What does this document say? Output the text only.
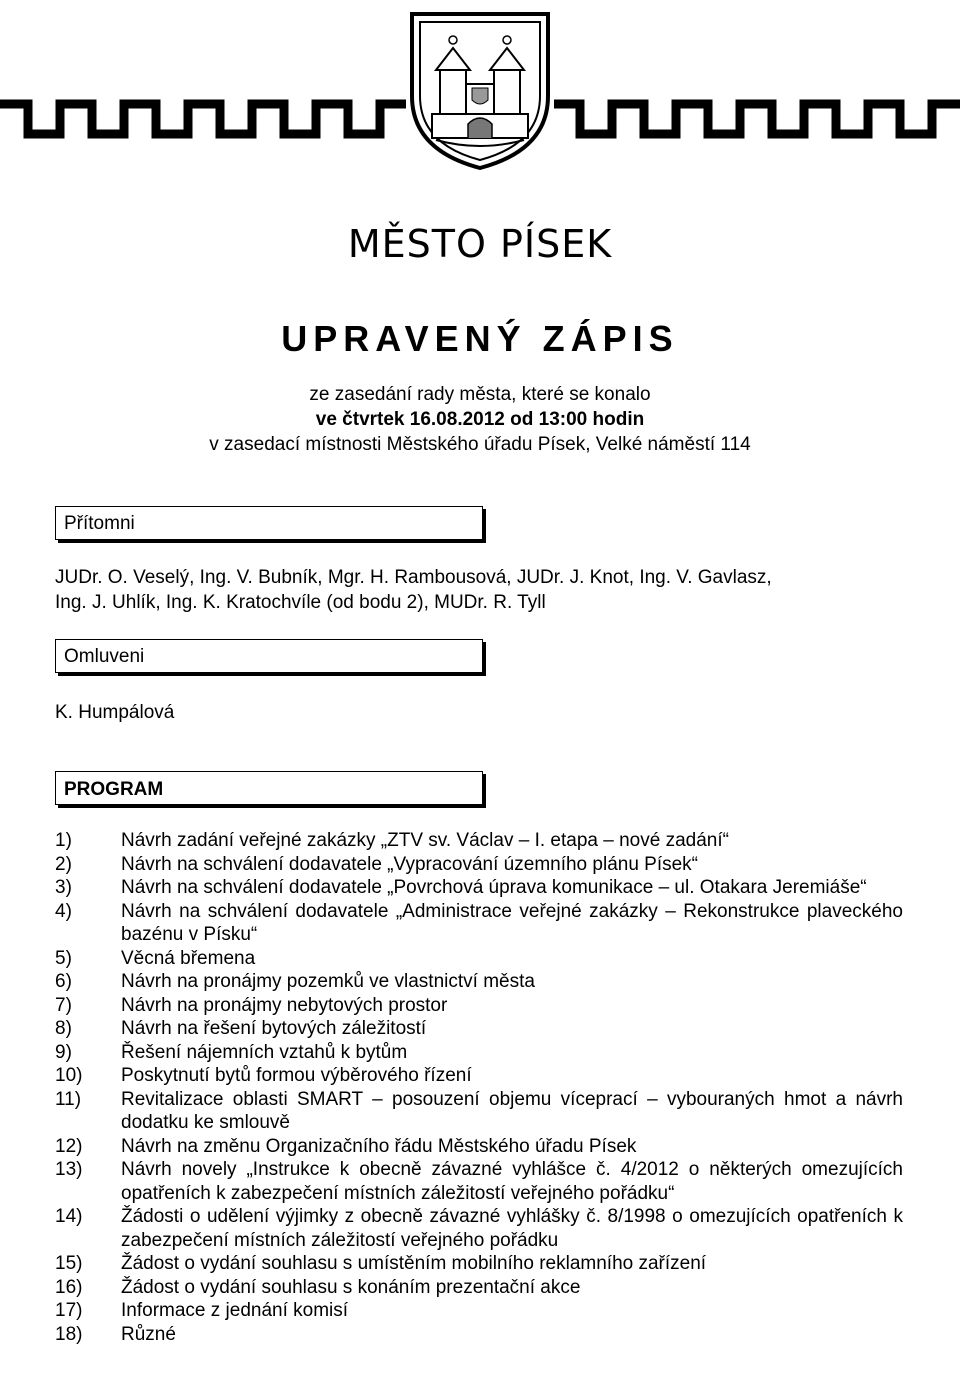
MĚSTO PÍSEK
UPRAVENÝ ZÁPIS
ze zasedání rady města, které se konalo
ve čtvrtek 16.08.2012 od 13:00 hodin
v zasedací místnosti Městského úřadu Písek, Velké náměstí 114
Přítomni
JUDr. O. Veselý, Ing. V. Bubník, Mgr. H. Rambousová, JUDr. J. Knot, Ing. V. Gavlasz,
Ing. J. Uhlík, Ing. K. Kratochvíle (od bodu 2), MUDr. R. Tyll
Omluveni
K. Humpálová
PROGRAM
1)	Návrh zadání veřejné zakázky „ZTV sv. Václav – I. etapa – nové zadání“
2)	Návrh na schválení dodavatele „Vypracování územního plánu Písek“
3)	Návrh na schválení dodavatele „Povrchová úprava komunikace – ul. Otakara Jeremiáše“
4)	Návrh na schválení dodavatele „Administrace veřejné zakázky – Rekonstrukce plaveckého bazénu v Písku“
5)	Věcná břemena
6)	Návrh na pronájmy pozemků ve vlastnictví města
7)	Návrh na pronájmy nebytových prostor
8)	Návrh na řešení bytových záležitostí
9)	Řešení nájemních vztahů k bytům
10)	Poskytnutí bytů formou výběrového řízení
11)	Revitalizace oblasti SMART – posouzení objemu víceprací – vybouraných hmot a návrh dodatku ke smlouvě
12)	Návrh na změnu Organizačního řádu Městského úřadu Písek
13)	Návrh novely „Instrukce k obecně závazné vyhlášce č. 4/2012 o některých omezujících opatřeních k zabezpečení místních záležitostí veřejného pořádku“
14)	Žádosti o udělení výjimky z obecně závazné vyhlášky č. 8/1998 o omezujících opatřeních k zabezpečení místních záležitostí veřejného pořádku
15)	Žádost o vydání souhlasu s umístěním mobilního reklamního zařízení
16)	Žádost o vydání souhlasu s konáním prezentační akce
17)	Informace z jednání komisí
18)	Různé
